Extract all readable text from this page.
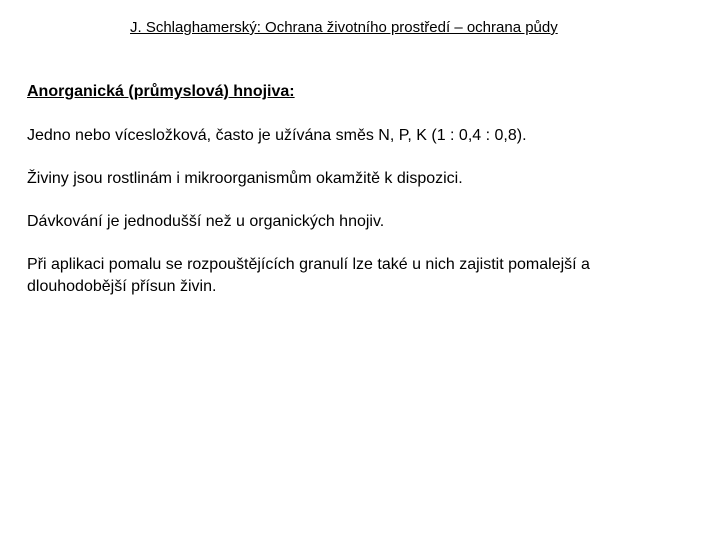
J. Schlaghamerský: Ochrana životního prostředí – ochrana půdy
Anorganická (průmyslová) hnojiva:
Jedno nebo vícesložková, často je užívána směs N, P, K (1 : 0,4 : 0,8).
Živiny jsou rostlinám i mikroorganismům okamžitě k dispozici.
Dávkování je jednodušší než u organických hnojiv.
Při aplikaci pomalu se rozpouštějících granulí lze také u nich zajistit pomalejší a dlouhodobější přísun živin.
